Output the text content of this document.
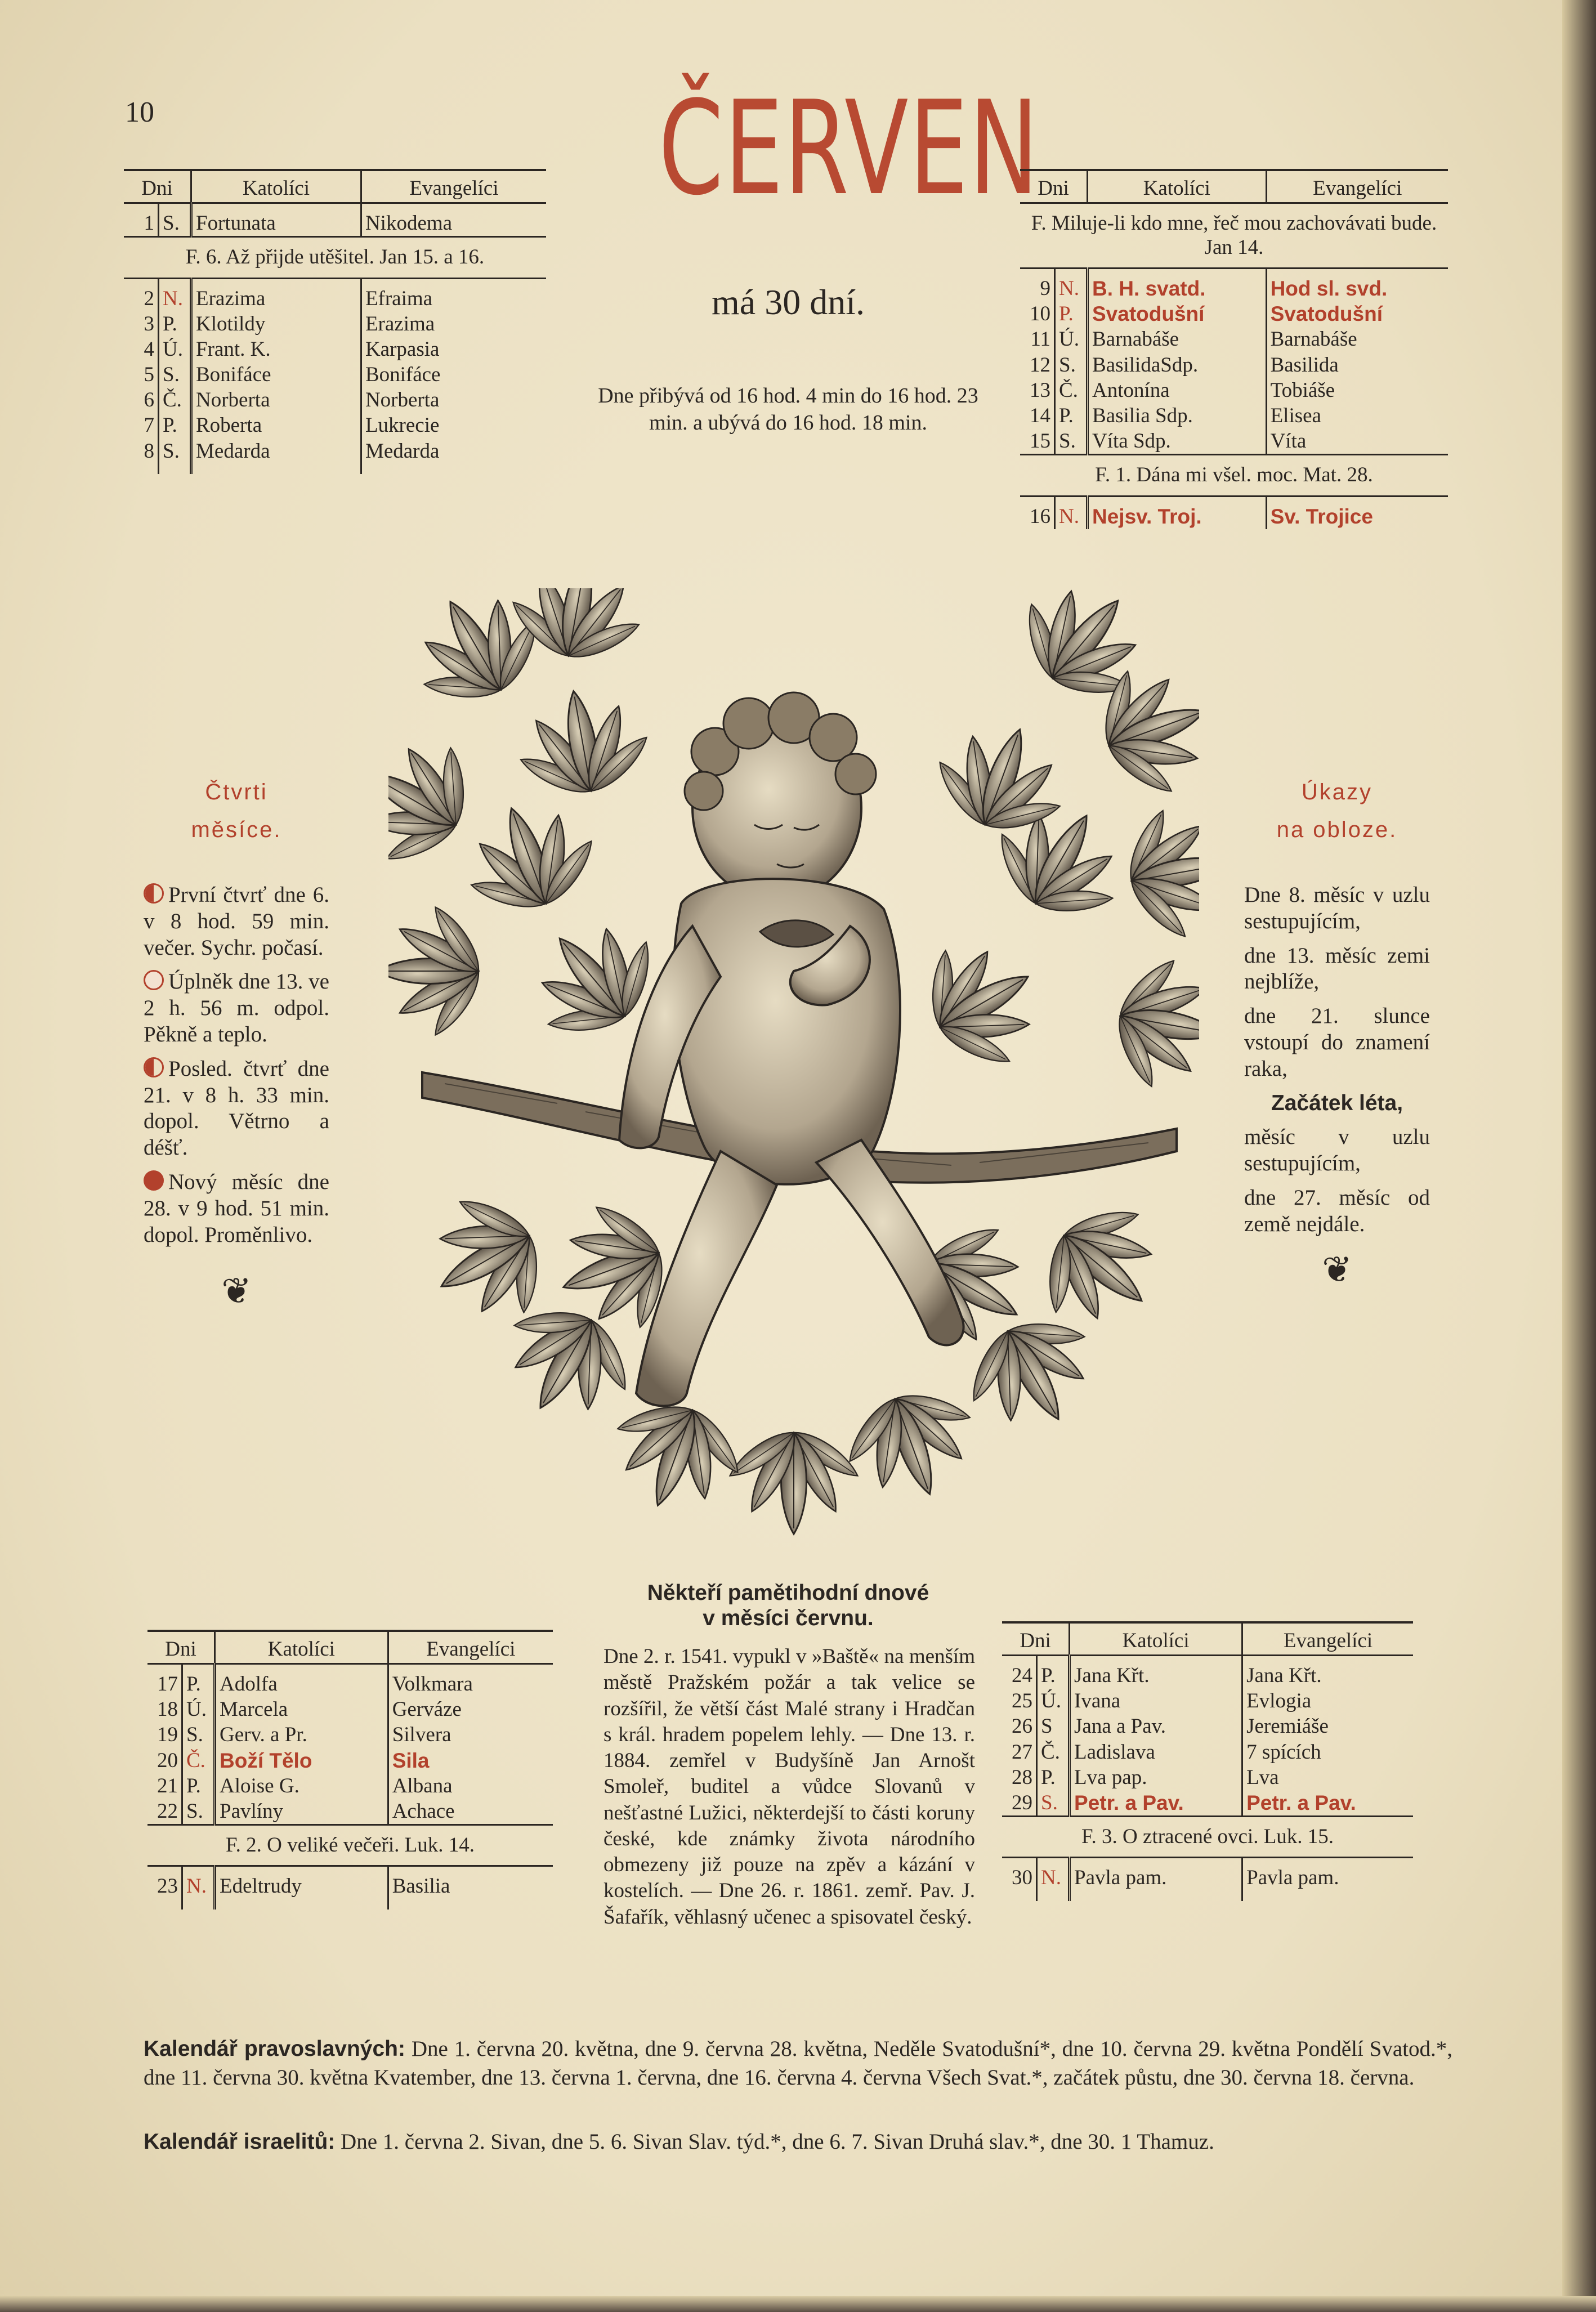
10	ČERVEN
má 30 dní.
Dne přibývá od 16 hod. 4 min do 16 hod. 23 min. a ubývá do 16 hod. 18 min.
Dni		Katolíci	Evangelíci
1	S.	Fortunata	Nikodema
F. 6. Až přijde utěšitel. Jan 15. a 16.			
2	N.	Erazima	Efraima
3	P.	Klotildy	Erazima
4	Ú.	Frant. K.	Karpasia
5	S.	Bonifáce	Bonifáce
6	Č.	Norberta	Norberta
7	P.	Roberta	Lukrecie
8	S.	Medarda	Medarda

Dni		Katolíci	Evangelíci
F. Miluje-li kdo mne, řeč mou zachovávati bude. Jan 14.			
9	N.	B. H. svatd.	Hod sl. svd.
10	P.	Svatodušní	Svatodušní
11	Ú.	Barnabáše	Barnabáše
12	S.	BasilidaSdp.	Basilida
13	Č.	Antonína	Tobiáše
14	P.	Basilia Sdp.	Elisea
15	S.	Víta Sdp.	Víta
F. 1. Dána mi všel. moc. Mat. 28.			
16	N.	Nejsv. Troj.	Sv. Trojice
Čtvrti
měsíce.

První čtvrť dne 6. v 8 hod. 59 min. večer. Sychr. počasí.

Úplněk dne 13. ve 2 h. 56 m. odpol. Pěkně a teplo.

Posled. čtvrť dne 21. v 8 h. 33 min. dopol. Větrno a déšť.

Nový měsíc dne 28. v 9 hod. 51 min. dopol. Proměnlivo.

❦
Úkazy
na obloze.

Dne 8. měsíc v uzlu sestupujícím,

dne 13. měsíc zemi nejblíže,

dne 21. slunce vstoupí do znamení raka,

Začátek léta,

měsíc v uzlu sestupujícím,

dne 27. měsíc od země nejdále.

❦
Dni		Katolíci	Evangelíci
17	P.	Adolfa	Volkmara
18	Ú.	Marcela	Gerváze
19	S.	Gerv. a Pr.	Silvera
20	Č.	Boží Tělo	Sila
21	P.	Aloise G.	Albana
22	S.	Pavlíny	Achace
F. 2. O veliké večeři. Luk. 14.			
23	N.	Edeltrudy	Basilia

Někteří pamětihodní dnové
v měsíci červnu.
Dne 2. r. 1541. vypukl v »Baště« na menším městě Pražském požár a tak velice se rozšířil, že větší část Malé strany i Hradčan s král. hradem popelem lehly. — Dne 13. r. 1884. zemřel v Budyšíně Jan Arnošt Smoleř, buditel a vůdce Slovanů v nešťastné Lužici, některdejší to části koruny české, kde známky života národního obmezeny již pouze na zpěv a kázání v kostelích. — Dne 26. r. 1861. zemř. Pav. J. Šafařík, věhlasný učenec a spisovatel český.
Dni		Katolíci	Evangelíci
24	P.	Jana Křt.	Jana Křt.
25	Ú.	Ivana	Evlogia
26	S	Jana a Pav.	Jeremiáše
27	Č.	Ladislava	7 spících
28	P.	Lva pap.	Lva
29	S.	Petr. a Pav.	Petr. a Pav.
F. 3. O ztracené ovci. Luk. 15.			
30	N.	Pavla pam.	Pavla pam.

Kalendář pravoslavných: Dne 1. června 20. května, dne 9. června 28. května, Neděle Svatodušní*, dne 10. června 29. května Pondělí Svatod.*, dne 11. června 30. května Kvatember, dne 13. června 1. června, dne 16. června 4. června Všech Svat.*, začátek půstu, dne 30. června 18. června.
Kalendář israelitů: Dne 1. června 2. Sivan, dne 5. 6. Sivan Slav. týd.*, dne 6. 7. Sivan Druhá slav.*, dne 30. 1 Thamuz.
